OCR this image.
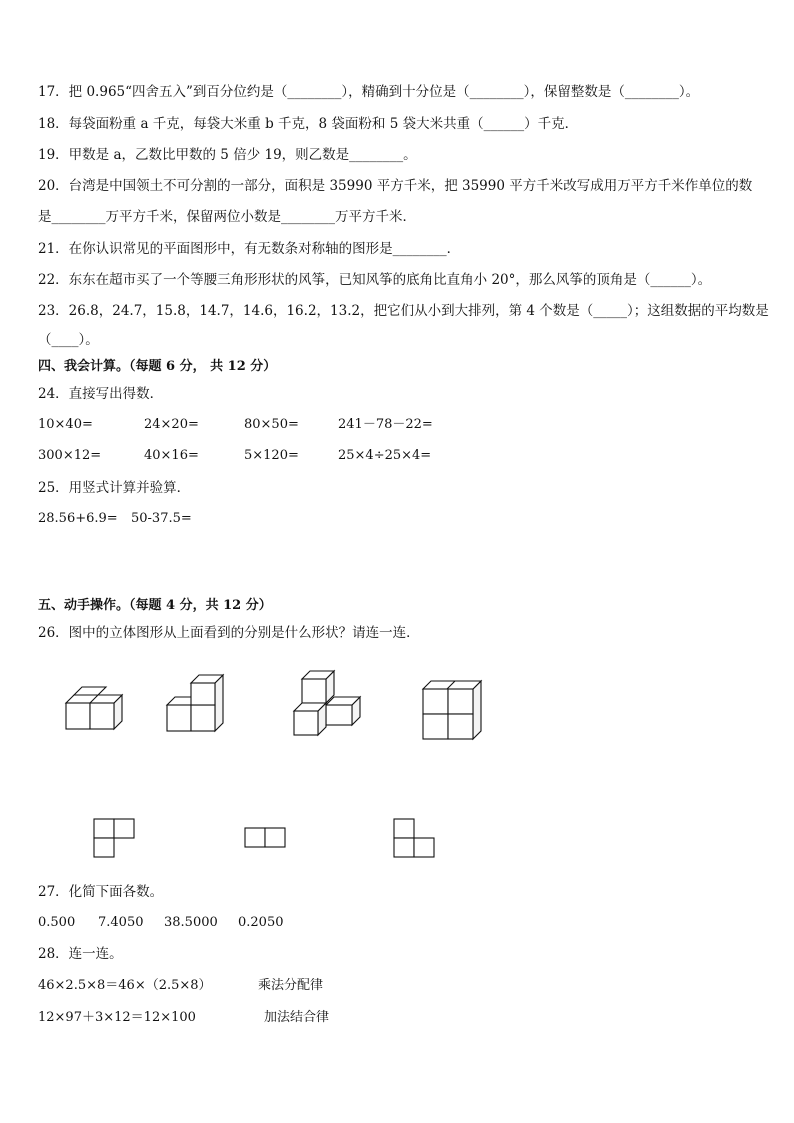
17．把 0.965“四舍五入”到百分位约是（________），精确到十分位是（________），保留整数是（________）。
18．每袋面粉重 a 千克，每袋大米重 b 千克，8 袋面粉和 5 袋大米共重（______）千克．
19．甲数是 a，乙数比甲数的 5 倍少 19，则乙数是________。
20．台湾是中国领土不可分割的一部分，面积是 35990 平方千米，把 35990 平方千米改写成用万平方千米作单位的数
是________万平方千米，保留两位小数是________万平方千米．
21．在你认识常见的平面图形中，有无数条对称轴的图形是________．
22．东东在超市买了一个等腰三角形形状的风筝，已知风筝的底角比直角小 20°，那么风筝的顶角是（______）。
23．26.8，24.7，15.8，14.7，14.6，16.2，13.2，把它们从小到大排列，第 4 个数是（_____）；这组数据的平均数是
（____）。
四、我会计算。（每题 6 分， 共 12 分）
24．直接写出得数．
10×40=	24×20=	80×50=	241－78－22=
300×12=	40×16=	5×120=	25×4÷25×4=
25．用竖式计算并验算．
28.56+6.9= 50-37.5=
五、动手操作。（每题 4 分，共 12 分）
26．图中的立体图形从上面看到的分别是什么形状？请连一连．
27．化简下面各数。
0.500 7.4050 38.5000 0.2050
28．连一连。
46×2.5×8＝46×（2.5×8）	乘法分配律
12×97＋3×12＝12×100	加法结合律
